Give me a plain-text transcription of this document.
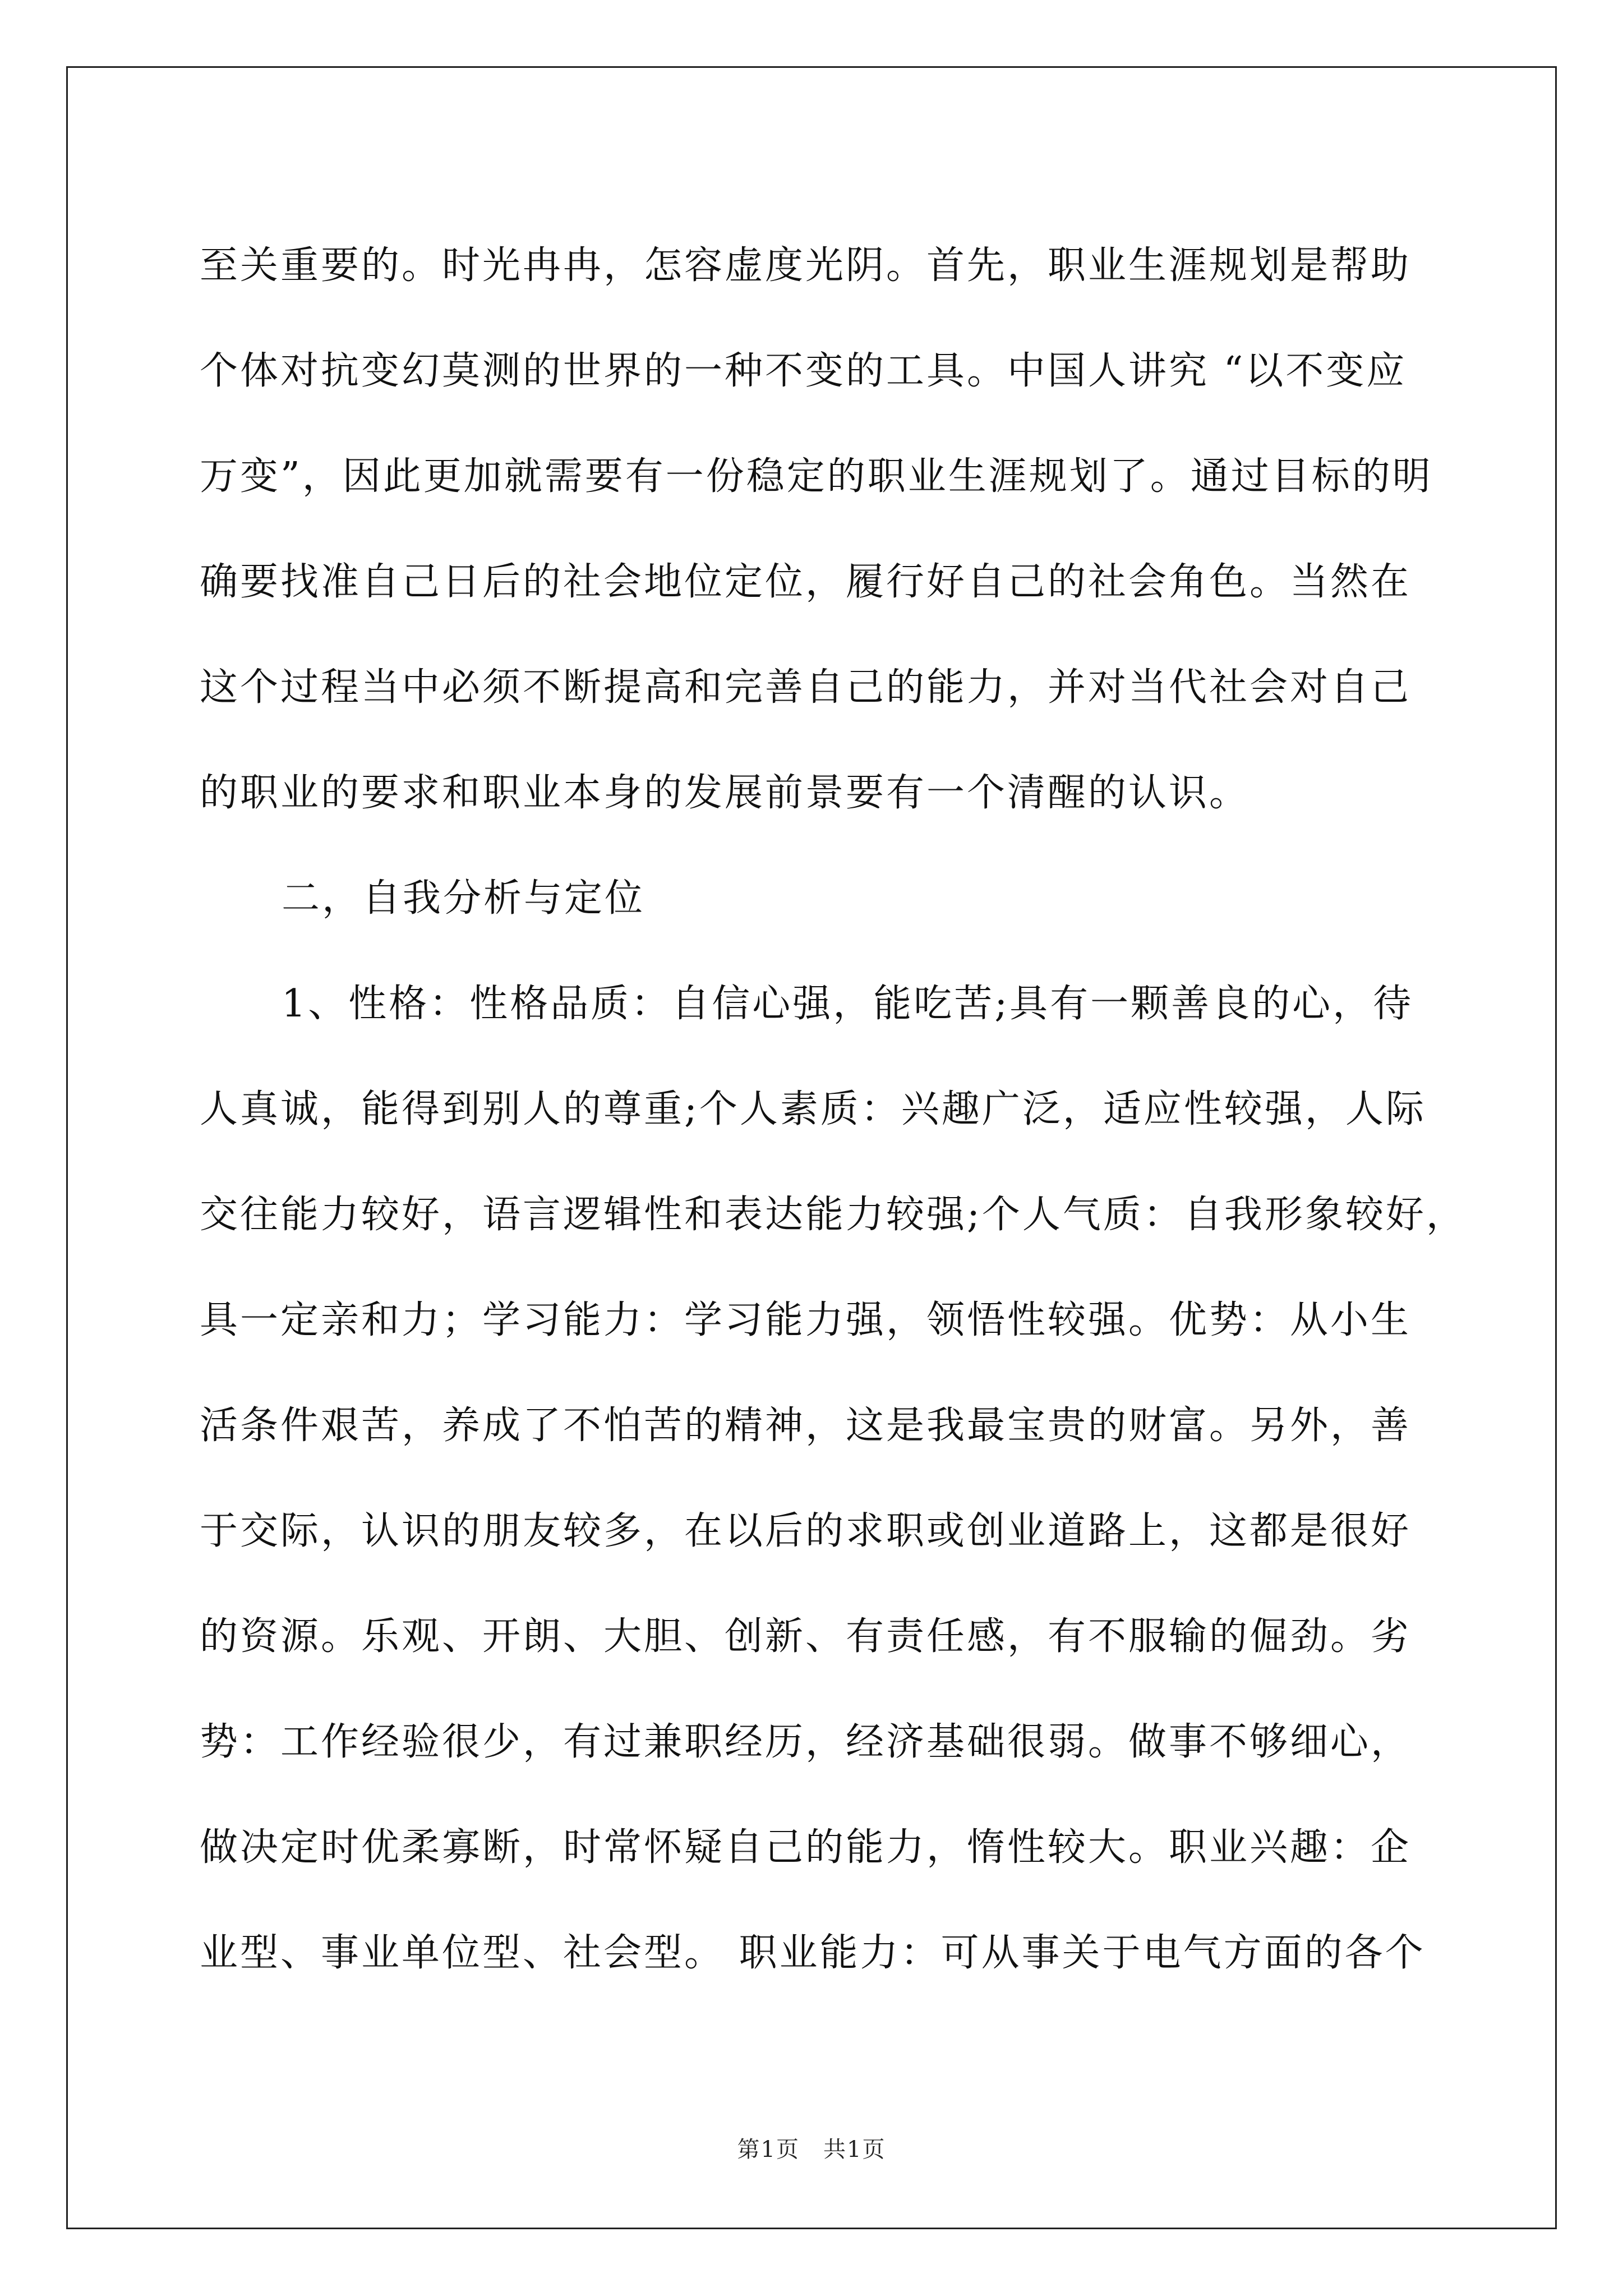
至关重要的。时光冉冉，怎容虚度光阴。首先，职业生涯规划是帮助
个体对抗变幻莫测的世界的一种不变的工具。中国人讲究 “以不变应
万变”，因此更加就需要有一份稳定的职业生涯规划了。通过目标的明
确要找准自己日后的社会地位定位，履行好自己的社会角色。当然在
这个过程当中必须不断提高和完善自己的能力，并对当代社会对自己
的职业的要求和职业本身的发展前景要有一个清醒的认识。
二，自我分析与定位
1、性格：性格品质：自信心强，能吃苦;具有一颗善良的心，待
人真诚，能得到别人的尊重;个人素质：兴趣广泛，适应性较强，人际
交往能力较好，语言逻辑性和表达能力较强;个人气质：自我形象较好，
具一定亲和力；学习能力：学习能力强，领悟性较强。优势：从小生
活条件艰苦，养成了不怕苦的精神，这是我最宝贵的财富。另外，善
于交际，认识的朋友较多，在以后的求职或创业道路上，这都是很好
的资源。乐观、开朗、大胆、创新、有责任感，有不服输的倔劲。劣
势：工作经验很少，有过兼职经历，经济基础很弱。做事不够细心，
做决定时优柔寡断，时常怀疑自己的能力，惰性较大。职业兴趣：企
业型、事业单位型、社会型。 职业能力：可从事关于电气方面的各个
第1页　共1页
